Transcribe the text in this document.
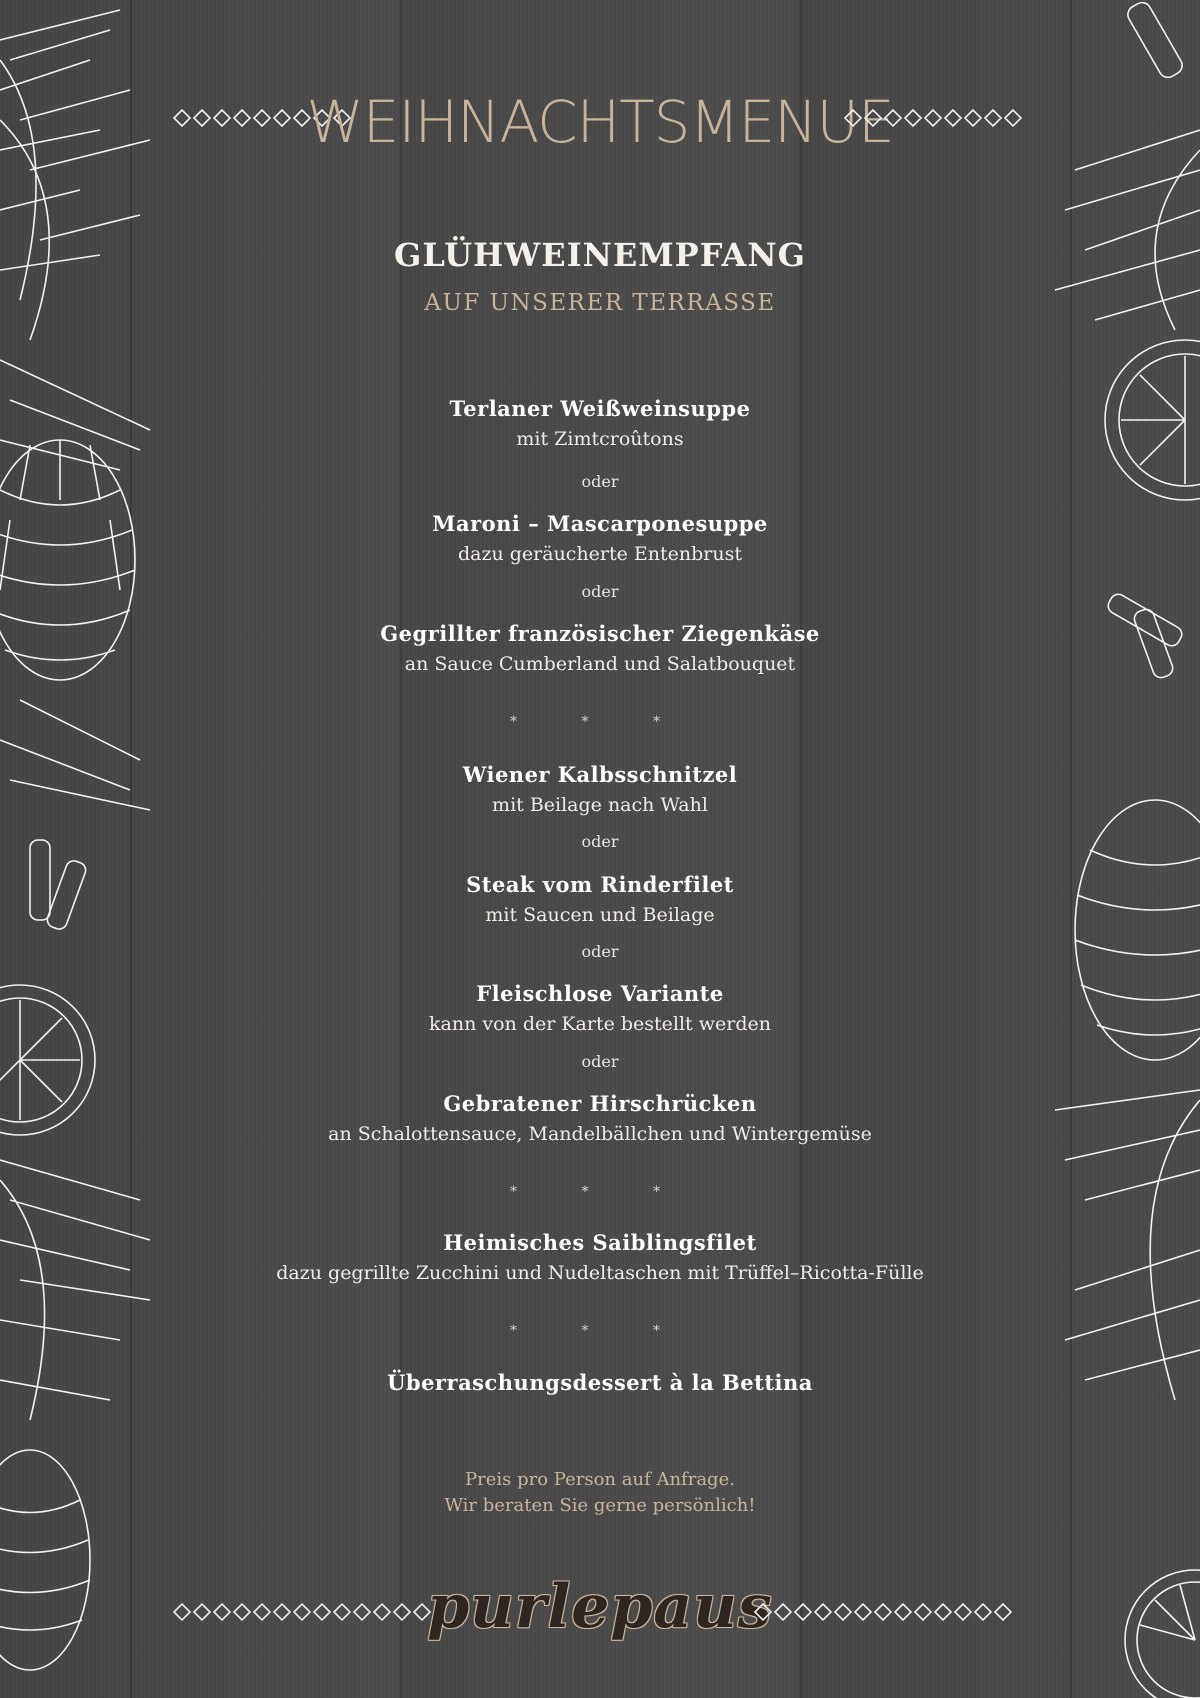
WEIHNACHTSMENUE
GLÜHWEINEMPFANG
AUF UNSERER TERRASSE
Terlaner Weißweinsuppe
mit Zimtcroûtons
oder
Maroni – Mascarponesuppe
dazu geräucherte Entenbrust
oder
Gegrillter französischer Ziegenkäse
an Sauce Cumberland und Salatbouquet
* * *
Wiener Kalbsschnitzel
mit Beilage nach Wahl
oder
Steak vom Rinderfilet
mit Saucen und Beilage
oder
Fleischlose Variante
kann von der Karte bestellt werden
oder
Gebratener Hirschrücken
an Schalottensauce, Mandelbällchen und Wintergemüse
* * *
Heimisches Saiblingsfilet
dazu gegrillte Zucchini und Nudeltaschen mit Trüffel–Ricotta-Fülle
* * *
Überraschungsdessert à la Bettina
Preis pro Person auf Anfrage.
Wir beraten Sie gerne persönlich!
purlepaus
